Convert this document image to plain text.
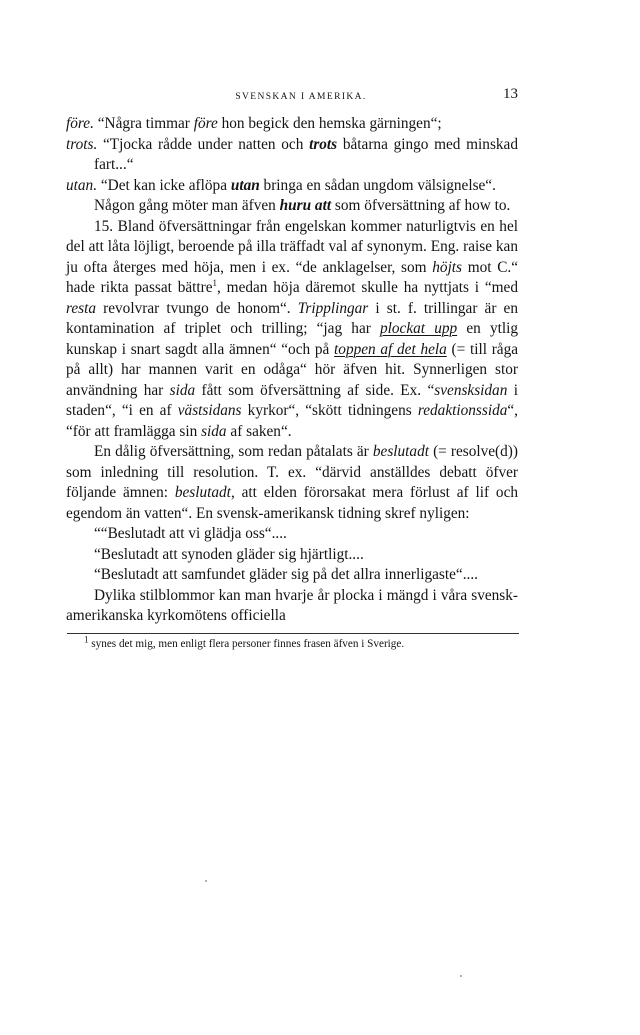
SVENSKAN I AMERIKA.	13

före. “Några timmar före hon begick den hemska gärningen“;

trots. “Tjocka rådde under natten och trots båtarna gingo med minskad fart...“

utan. “Det kan icke aflöpa utan bringa en sådan ungdom välsignelse“.

Någon gång möter man äfven huru att som öfversättning af how to.

15. Bland öfversättningar från engelskan kommer naturligtvis en hel del att låta löjligt, beroende på illa träffadt val af synonym. Eng. raise kan ju ofta återges med höja, men i ex. “de anklagelser, som höjts mot C.“ hade rikta passat bättre$^1$, medan höja däremot skulle ha nyttjats i “med resta revolvrar tvungo de honom“. Tripplingar i st. f. trillingar är en kontamination af triplet och trilling; “jag har plockat upp en ytlig kunskap i snart sagdt alla ämnen“ “och på toppen af det hela (= till råga på allt) har mannen varit en odåga“ hör äfven hit. Synnerligen stor användning har sida fått som öfversättning af side. Ex. “svensksidan i staden“, “i en af västsidans kyrkor“, “skött tidningens redaktionssida“, “för att framlägga sin sida af saken“.

En dålig öfversättning, som redan påtalats är beslutadt (= resolve(d)) som inledning till resolution. T. ex. “därvid anställdes debatt öfver följande ämnen: beslutadt, att elden förorsakat mera förlust af lif och egendom än vatten“. En svensk-amerikansk tidning skref nyligen:

““Beslutadt att vi glädja oss“....

“Beslutadt att synoden gläder sig hjärtligt....

“Beslutadt att samfundet gläder sig på det allra innerligaste“....

Dylika stilblommor kan man hvarje år plocka i mängd i våra svensk-amerikanska kyrkomötens officiella

$^1$ synes det mig, men enligt flera personer finnes frasen äfven i Sverige.
